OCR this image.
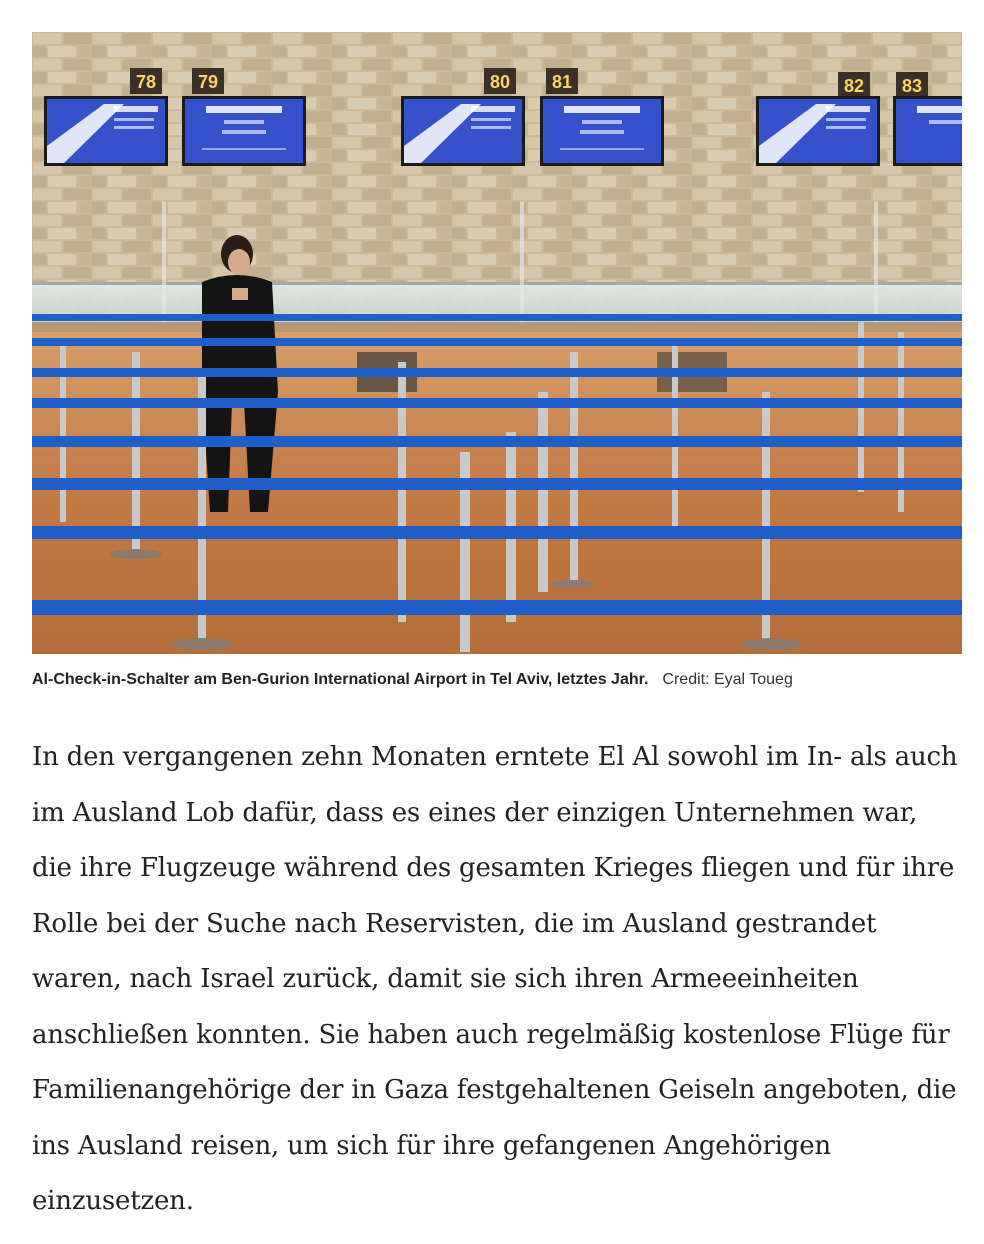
78 79	80 81	82 83
Al-Check-in-Schalter am Ben-Gurion International Airport in Tel Aviv, letztes Jahr. Credit: Eyal Toueg

In den vergangenen zehn Monaten erntete El Al sowohl im In- als auch im Ausland Lob dafür, dass es eines der einzigen Unternehmen war, die ihre Flugzeuge während des gesamten Krieges fliegen und für ihre Rolle bei der Suche nach Reservisten, die im Ausland gestrandet waren, nach Israel zurück, damit sie sich ihren Armeeeinheiten anschließen konnten. Sie haben auch regelmäßig kostenlose Flüge für Familienangehörige der in Gaza festgehaltenen Geiseln angeboten, die ins Ausland reisen, um sich für ihre gefangenen Angehörigen einzusetzen.
